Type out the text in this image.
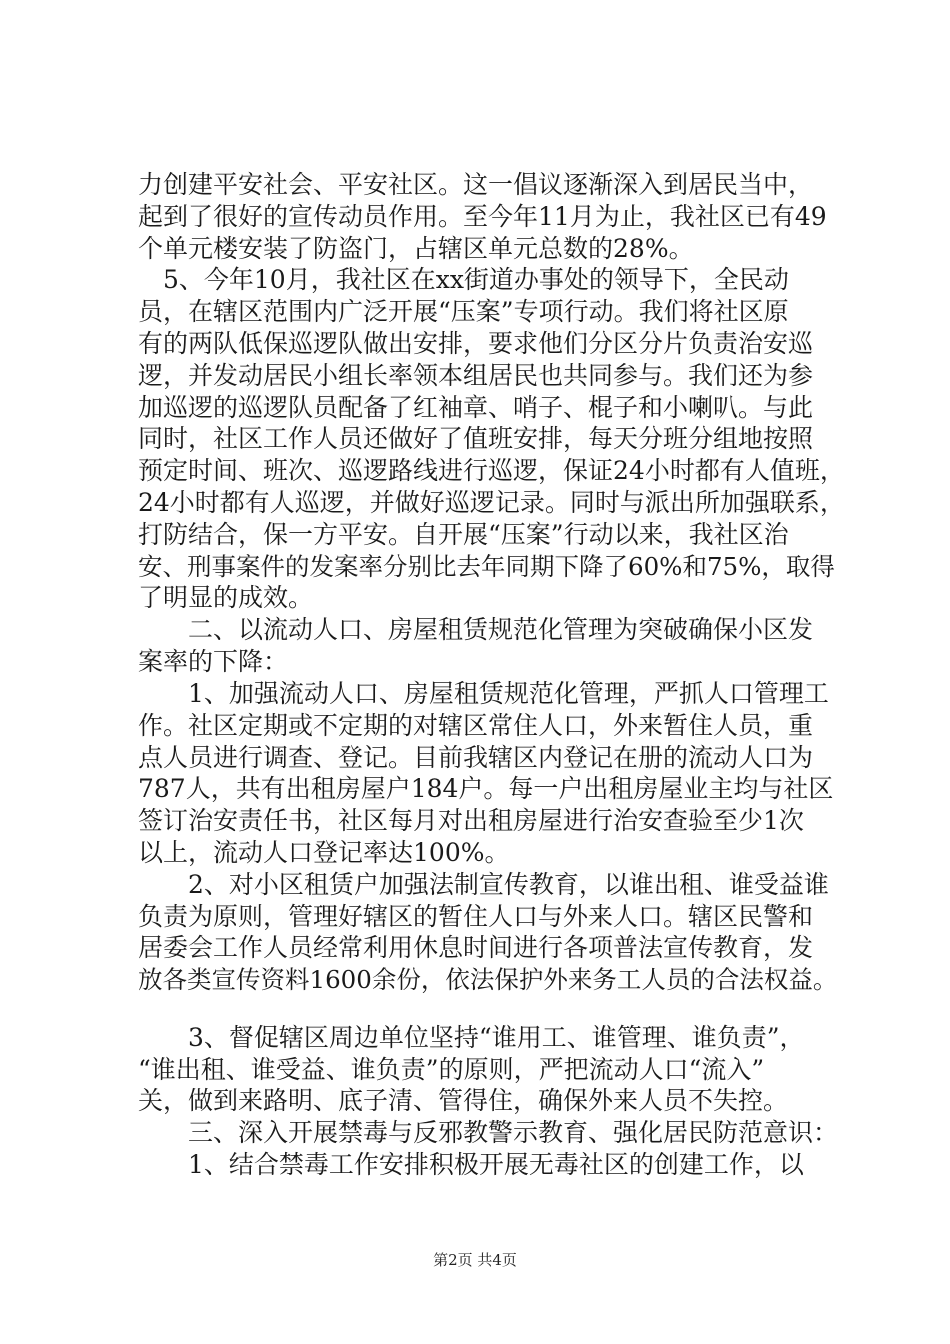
力创建平安社会、平安社区。这一倡议逐渐深入到居民当中，
起到了很好的宣传动员作用。至今年11月为止，我社区已有49
个单元楼安装了防盗门，占辖区单元总数的28%。
　5、今年10月，我社区在xx街道办事处的领导下，全民动
员，在辖区范围内广泛开展“压案”专项行动。我们将社区原
有的两队低保巡逻队做出安排，要求他们分区分片负责治安巡
逻，并发动居民小组长率领本组居民也共同参与。我们还为参
加巡逻的巡逻队员配备了红袖章、哨子、棍子和小喇叭。与此
同时，社区工作人员还做好了值班安排，每天分班分组地按照
预定时间、班次、巡逻路线进行巡逻，保证24小时都有人值班，
24小时都有人巡逻，并做好巡逻记录。同时与派出所加强联系，
打防结合，保一方平安。自开展“压案”行动以来，我社区治
安、刑事案件的发案率分别比去年同期下降了60%和75%，取得
了明显的成效。
　　二、以流动人口、房屋租赁规范化管理为突破确保小区发
案率的下降：
　　1、加强流动人口、房屋租赁规范化管理，严抓人口管理工
作。社区定期或不定期的对辖区常住人口，外来暂住人员，重
点人员进行调查、登记。目前我辖区内登记在册的流动人口为
787人，共有出租房屋户184户。每一户出租房屋业主均与社区
签订治安责任书，社区每月对出租房屋进行治安查验至少1次
以上，流动人口登记率达100%。
　　2、对小区租赁户加强法制宣传教育，以谁出租、谁受益谁
负责为原则，管理好辖区的暂住人口与外来人口。辖区民警和
居委会工作人员经常利用休息时间进行各项普法宣传教育，发
放各类宣传资料1600余份，依法保护外来务工人员的合法权益。
　　3、督促辖区周边单位坚持“谁用工、谁管理、谁负责”，
“谁出租、谁受益、谁负责”的原则，严把流动人口“流入”
关，做到来路明、底子清、管得住，确保外来人员不失控。
　　三、深入开展禁毒与反邪教警示教育、强化居民防范意识：
　　1、结合禁毒工作安排积极开展无毒社区的创建工作，以
第2页 共4页
